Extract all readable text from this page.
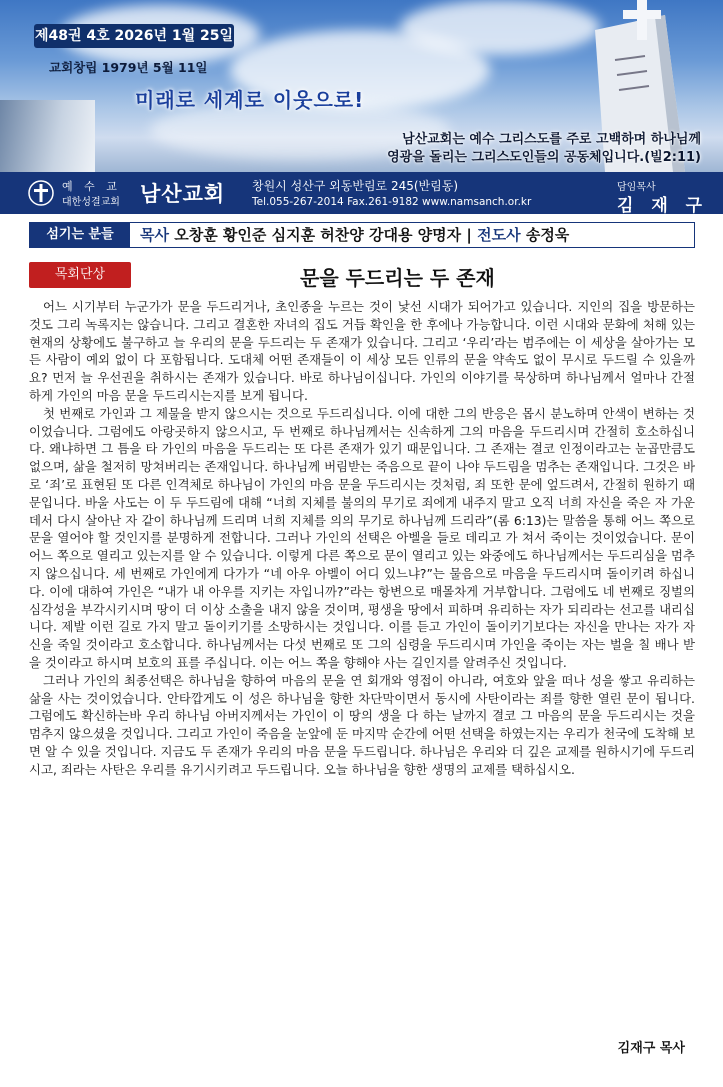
제48권 4호 2026년 1월 25일
교회창립 1979년 5월 11일
미래로 세계로 이웃으로!
남산교회는 예수 그리스도를 주로 고백하며 하나님께
영광을 돌리는 그리스도인들의 공동체입니다.(빌2:11)
예 수 교
대한성결교회 남산교회 창원시 성산구 외동반림로 245(반림동)
Tel.055-267-2014 Fax.261-9182 www.namsanch.or.kr
담임목사
김 재 구
섬기는 분들	목사 오창훈 황인준 심지훈 허찬양 강대용 양명자 | 전도사 송정욱
목회단상	문을 두드리는 두 존재

어느 시기부터 누군가가 문을 두드리거나, 초인종을 누르는 것이 낯선 시대가 되어가고 있습니다. 지인의 집을 방문하는 것도 그리 녹록지는 않습니다. 그리고 결혼한 자녀의 집도 거듭 확인을 한 후에나 가능합니다. 이런 시대와 문화에 처해 있는 현재의 상황에도 불구하고 늘 우리의 문을 두드리는 두 존재가 있습니다. 그리고 ‘우리’라는 범주에는 이 세상을 살아가는 모든 사람이 예외 없이 다 포함됩니다. 도대체 어떤 존재들이 이 세상 모든 인류의 문을 약속도 없이 무시로 두드릴 수 있을까요? 먼저 늘 우선권을 취하시는 존재가 있습니다. 바로 하나님이십니다. 가인의 이야기를 묵상하며 하나님께서 얼마나 간절하게 가인의 마음 문을 두드리시는지를 보게 됩니다.

첫 번째로 가인과 그 제물을 받지 않으시는 것으로 두드리십니다. 이에 대한 그의 반응은 몹시 분노하며 안색이 변하는 것이었습니다. 그럼에도 아랑곳하지 않으시고, 두 번째로 하나님께서는 신속하게 그의 마음을 두드리시며 간절히 호소하십니다. 왜냐하면 그 틈을 타 가인의 마음을 두드리는 또 다른 존재가 있기 때문입니다. 그 존재는 결코 인정이라고는 눈곱만큼도 없으며, 삶을 철저히 망쳐버리는 존재입니다. 하나님께 버림받는 죽음으로 끝이 나야 두드림을 멈추는 존재입니다. 그것은 바로 ‘죄’로 표현된 또 다른 인격체로 하나님이 가인의 마음 문을 두드리시는 것처럼, 죄 또한 문에 엎드려서, 간절히 원하기 때문입니다. 바울 사도는 이 두 두드림에 대해 “너희 지체를 불의의 무기로 죄에게 내주지 말고 오직 너희 자신을 죽은 자 가운데서 다시 살아난 자 같이 하나님께 드리며 너희 지체를 의의 무기로 하나님께 드리라”(롬 6:13)는 말씀을 통해 어느 쪽으로 문을 열어야 할 것인지를 분명하게 전합니다. 그러나 가인의 선택은 아벨을 들로 데리고 가 쳐서 죽이는 것이었습니다. 문이 어느 쪽으로 열리고 있는지를 알 수 있습니다. 이렇게 다른 쪽으로 문이 열리고 있는 와중에도 하나님께서는 두드리심을 멈추지 않으십니다. 세 번째로 가인에게 다가가 “네 아우 아벨이 어디 있느냐?”는 물음으로 마음을 두드리시며 돌이키려 하십니다. 이에 대하여 가인은 “내가 내 아우를 지키는 자입니까?”라는 항변으로 매몰차게 거부합니다. 그럼에도 네 번째로 징벌의 심각성을 부각시키시며 땅이 더 이상 소출을 내지 않을 것이며, 평생을 땅에서 피하며 유리하는 자가 되리라는 선고를 내리십니다. 제발 이런 길로 가지 말고 돌이키기를 소망하시는 것입니다. 이를 듣고 가인이 돌이키기보다는 자신을 만나는 자가 자신을 죽일 것이라고 호소합니다. 하나님께서는 다섯 번째로 또 그의 심령을 두드리시며 가인을 죽이는 자는 벌을 칠 배나 받을 것이라고 하시며 보호의 표를 주십니다. 이는 어느 쪽을 향해야 사는 길인지를 알려주신 것입니다.

그러나 가인의 최종선택은 하나님을 향하여 마음의 문을 연 회개와 영접이 아니라, 여호와 앞을 떠나 성을 쌓고 유리하는 삶을 사는 것이었습니다. 안타깝게도 이 성은 하나님을 향한 차단막이면서 동시에 사탄이라는 죄를 향한 열린 문이 됩니다. 그럼에도 확신하는바 우리 하나님 아버지께서는 가인이 이 땅의 생을 다 하는 날까지 결코 그 마음의 문을 두드리시는 것을 멈추지 않으셨을 것입니다. 그리고 가인이 죽음을 눈앞에 둔 마지막 순간에 어떤 선택을 하였는지는 우리가 천국에 도착해 보면 알 수 있을 것입니다. 지금도 두 존재가 우리의 마음 문을 두드립니다. 하나님은 우리와 더 깊은 교제를 원하시기에 두드리시고, 죄라는 사탄은 우리를 유기시키려고 두드립니다. 오늘 하나님을 향한 생명의 교제를 택하십시오.

김재구 목사
